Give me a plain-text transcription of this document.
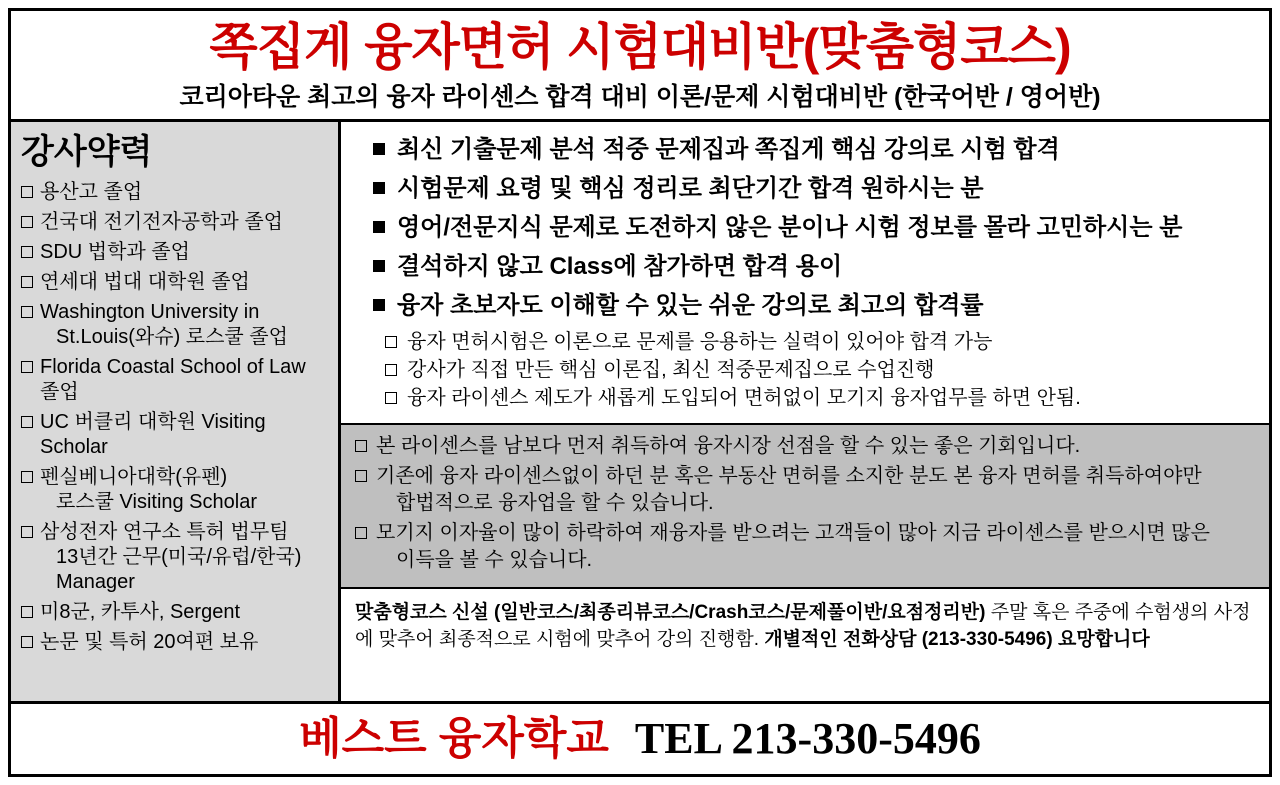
쪽집게 융자면허 시험대비반(맞춤형코스)
코리아타운 최고의 융자 라이센스 합격 대비 이론/문제 시험대비반 (한국어반 / 영어반)
강사약력
용산고 졸업
건국대 전기전자공학과 졸업
SDU 법학과 졸업
연세대 법대 대학원 졸업
Washington University in
St.Louis(와슈) 로스쿨 졸업
Florida Coastal School of Law 졸업
UC 버클리 대학원 Visiting Scholar
펜실베니아대학(유펜)
로스쿨 Visiting Scholar
삼성전자 연구소 특허 법무팀
13년간 근무(미국/유럽/한국)
Manager
미8군, 카투사, Sergent
논문 및 특허 20여편 보유
최신 기출문제 분석 적중 문제집과 쪽집게 핵심 강의로 시험 합격
시험문제 요령 및 핵심 정리로 최단기간 합격 원하시는 분
영어/전문지식 문제로 도전하지 않은 분이나 시험 정보를 몰라 고민하시는 분
결석하지 않고 Class에 참가하면 합격 용이
융자 초보자도 이해할 수 있는 쉬운 강의로 최고의 합격률
융자 면허시험은 이론으로 문제를 응용하는 실력이 있어야 합격 가능
강사가 직접 만든 핵심 이론집, 최신 적중문제집으로 수업진행
융자 라이센스 제도가 새롭게 도입되어 면허없이 모기지 융자업무를 하면 안됨.
본 라이센스를 남보다 먼저 취득하여 융자시장 선점을 할 수 있는 좋은 기회입니다.
기존에 융자 라이센스없이 하던 분 혹은 부동산 면허를 소지한 분도 본 융자 면허를 취득하여야만
합법적으로 융자업을 할 수 있습니다.
모기지 이자율이 많이 하락하여 재융자를 받으려는 고객들이 많아 지금 라이센스를 받으시면 많은
이득을 볼 수 있습니다.
맞춤형코스 신설 (일반코스/최종리뷰코스/Crash코스/문제풀이반/요점정리반) 주말 혹은 주중에 수험생의 사정에 맞추어 최종적으로 시험에 맞추어 강의 진행함. 개별적인 전화상담 (213-330-5496) 요망합니다
베스트 융자학교 TEL 213-330-5496
